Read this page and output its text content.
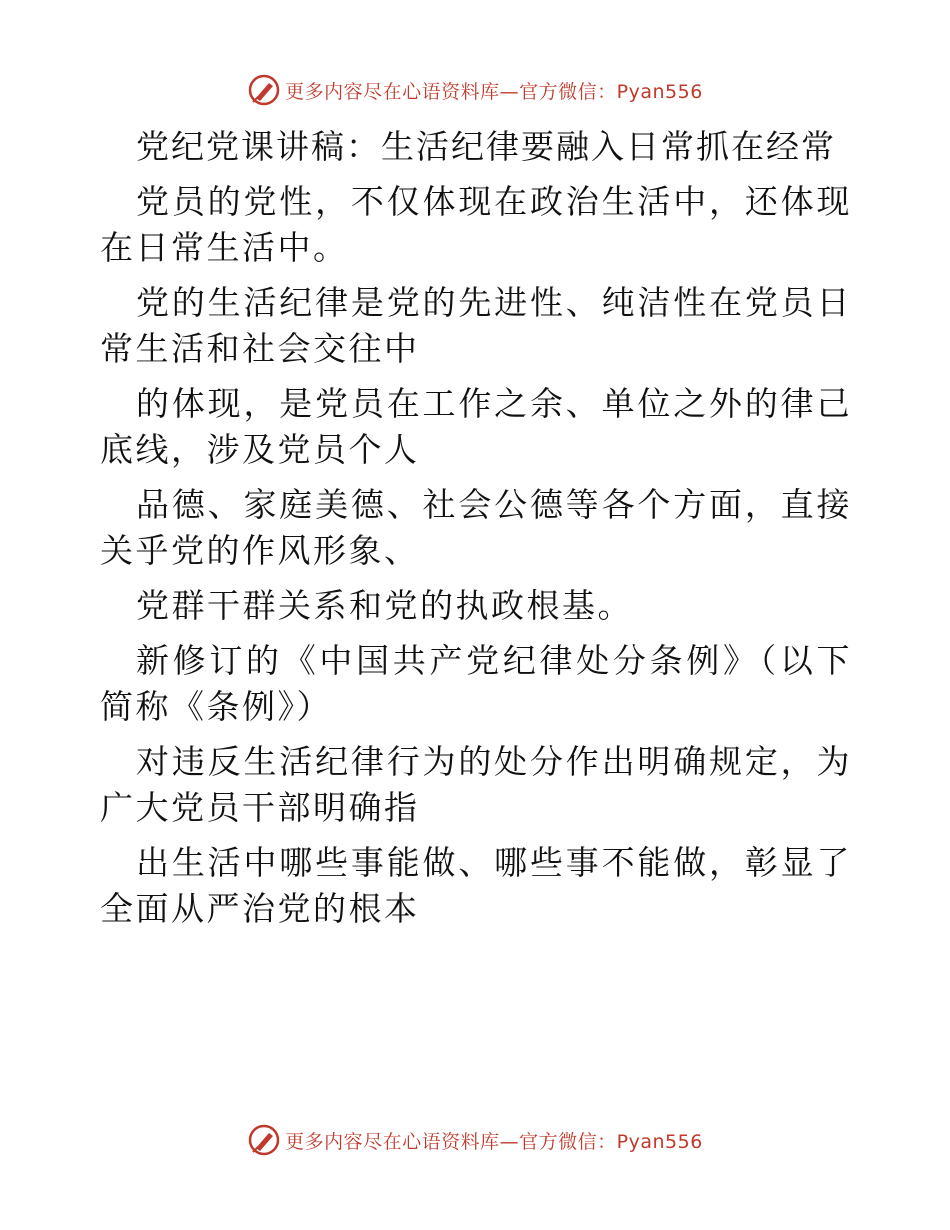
更多内容尽在心语资料库—官方微信：Pyan556

党纪党课讲稿：生活纪律要融入日常抓在经常

党员的党性，不仅体现在政治生活中，还体现在日常生活中。

党的生活纪律是党的先进性、纯洁性在党员日常生活和社会交往中

的体现，是党员在工作之余、单位之外的律己底线，涉及党员个人

品德、家庭美德、社会公德等各个方面，直接关乎党的作风形象、

党群干群关系和党的执政根基。

新修订的《中国共产党纪律处分条例》（以下简称《条例》）

对违反生活纪律行为的处分作出明确规定，为广大党员干部明确指

出生活中哪些事能做、哪些事不能做，彰显了全面从严治党的根本

更多内容尽在心语资料库—官方微信：Pyan556
